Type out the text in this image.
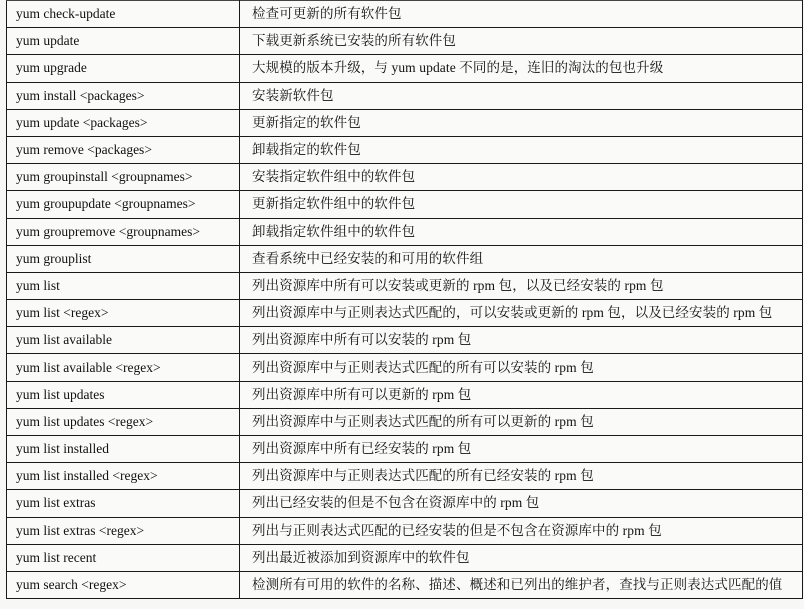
yum check-update	检查可更新的所有软件包
yum update	下载更新系统已安装的所有软件包
yum upgrade	大规模的版本升级，与 yum update 不同的是，连旧的淘汰的包也升级
yum install <packages>	安装新软件包
yum update <packages>	更新指定的软件包
yum remove <packages>	卸载指定的软件包
yum groupinstall <groupnames>	安装指定软件组中的软件包
yum groupupdate <groupnames>	更新指定软件组中的软件包
yum groupremove <groupnames>	卸载指定软件组中的软件包
yum grouplist	查看系统中已经安装的和可用的软件组
yum list	列出资源库中所有可以安装或更新的 rpm 包，以及已经安装的 rpm 包
yum list <regex>	列出资源库中与正则表达式匹配的，可以安装或更新的 rpm 包，以及已经安装的 rpm 包
yum list available	列出资源库中所有可以安装的 rpm 包
yum list available <regex>	列出资源库中与正则表达式匹配的所有可以安装的 rpm 包
yum list updates	列出资源库中所有可以更新的 rpm 包
yum list updates <regex>	列出资源库中与正则表达式匹配的所有可以更新的 rpm 包
yum list installed	列出资源库中所有已经安装的 rpm 包
yum list installed <regex>	列出资源库中与正则表达式匹配的所有已经安装的 rpm 包
yum list extras	列出已经安装的但是不包含在资源库中的 rpm 包
yum list extras <regex>	列出与正则表达式匹配的已经安装的但是不包含在资源库中的 rpm 包
yum list recent	列出最近被添加到资源库中的软件包
yum search <regex>	检测所有可用的软件的名称、描述、概述和已列出的维护者，查找与正则表达式匹配的值
